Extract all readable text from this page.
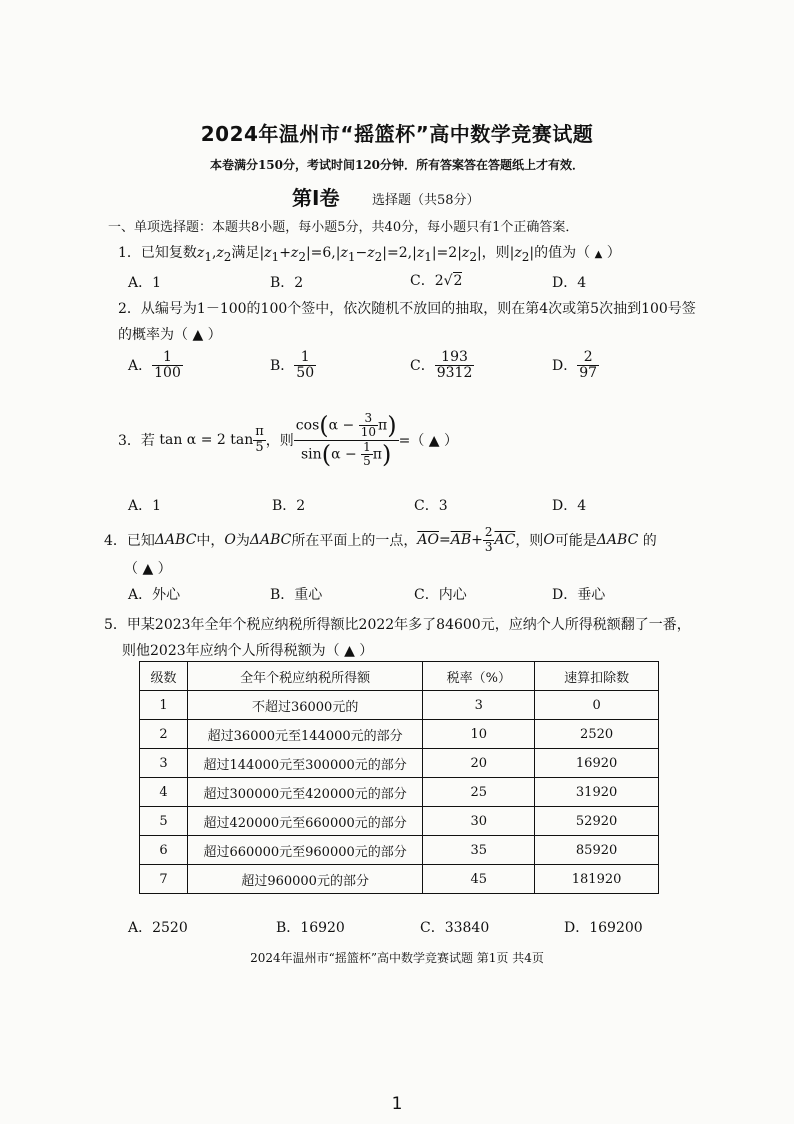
2024年温州市“摇篮杯”高中数学竞赛试题
本卷满分150分，考试时间120分钟．所有答案答在答题纸上才有效．
第Ⅰ卷	选择题（共58分）
一、单项选择题：本题共8小题，每小题5分，共40分，每小题只有1个正确答案．
1．已知复数$z_1,z_2$满足$|z_1+z_2|=6,|z_1-z_2|=2,|z_1|=2|z_2|$，则$|z_2|$的值为（ ▲ ）
A．1	B．2	C．2√2	D．4
2．从编号为1－100的100个签中，依次随机不放回的抽取，则在第4次或第5次抽到100号签
的概率为（ ▲ ）
A． $\frac{1}{100}$	B． $\frac{1}{50}$	C． $\frac{193}{9312}$	D． $\frac{2}{97}$
3．若 tan α = 2 $\tan \frac{\pi}{5}$ ，则 $\frac{\cos(\alpha - \frac{3}{10} \pi)}{\sin(\alpha - \frac{1}{5} \pi)}$ =（ ▲ ）
A．1	B．2	C．3	D．4
4．已知 ΔABC 中， O 为 ΔABC 所在平面上的一点， $\overline{AO} = \overline{AB} + \frac{2}{3} \overline{AC}$ ，则 O 可能是 ΔABC
的
（ ▲ ）
A．外心	B．重心	C．内心	D．垂心
5．甲某2023年全年个税应纳税所得额比2022年多了84600元，应纳个人所得税额翻了一番，
则他2023年应纳个人所得税额为（ ▲ ）
级数	全年个税应纳税所得额	税率（%）	速算扣除数
1	不超过36000元的	3	0
2	超过36000元至144000元的部分	10	2520
3	超过144000元至300000元的部分	20	16920
4	超过300000元至420000元的部分	25	31920
5	超过420000元至660000元的部分	30	52920
6	超过660000元至960000元的部分	35	85920
7	超过960000元的部分	45	181920
A．2520	B．16920	C．33840	D．169200
2024年温州市“摇篮杯”高中数学竞赛试题 第1页 共4页
1
